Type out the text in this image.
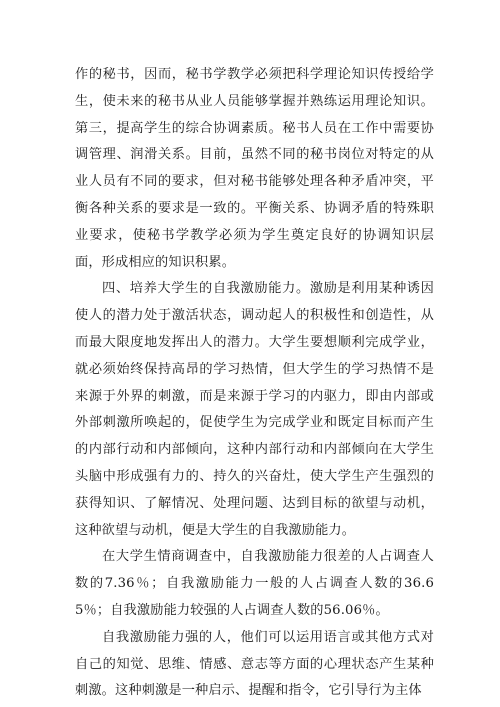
作的秘书，因而，秘书学教学必须把科学理论知识传授给学生，使未来的秘书从业人员能够掌握并熟练运用理论知识。第三，提高学生的综合协调素质。秘书人员在工作中需要协调管理、润滑关系。目前，虽然不同的秘书岗位对特定的从业人员有不同的要求，但对秘书能够处理各种矛盾冲突，平衡各种关系的要求是一致的。平衡关系、协调矛盾的特殊职业要求，使秘书学教学必须为学生奠定良好的协调知识层面，形成相应的知识积累。

四、培养大学生的自我激励能力。激励是利用某种诱因使人的潜力处于激活状态，调动起人的积极性和创造性，从而最大限度地发挥出人的潜力。大学生要想顺利完成学业，就必须始终保持高昂的学习热情，但大学生的学习热情不是来源于外界的刺激，而是来源于学习的内驱力，即由内部或外部刺激所唤起的，促使学生为完成学业和既定目标而产生的内部行动和内部倾向，这种内部行动和内部倾向在大学生头脑中形成强有力的、持久的兴奋灶，使大学生产生强烈的获得知识、了解情况、处理问题、达到目标的欲望与动机，这种欲望与动机，便是大学生的自我激励能力。

在大学生情商调查中，自我激励能力很差的人占调查人数的7.36％；自我激励能力一般的人占调查人数的36.65％；自我激励能力较强的人占调查人数的56.06％。

自我激励能力强的人，他们可以运用语言或其他方式对自己的知觉、思维、情感、意志等方面的心理状态产生某种刺激。这种刺激是一种启示、提醒和指令，它引导行为主体
